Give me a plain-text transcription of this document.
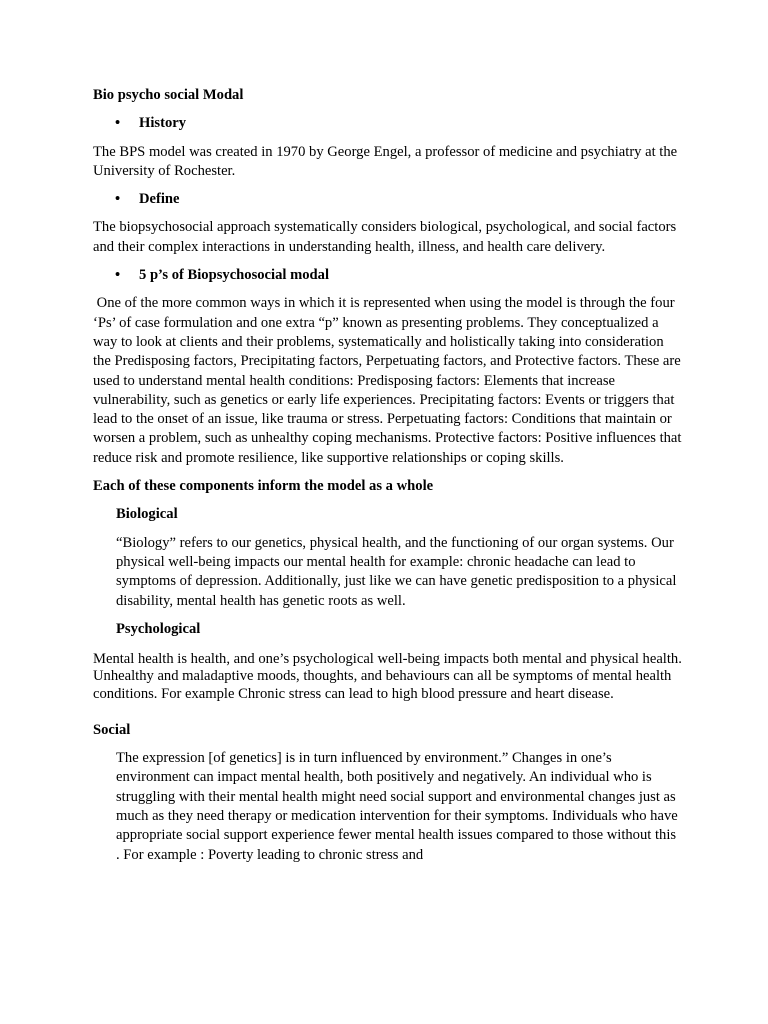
Bio psycho social Modal

• History

The BPS model was created in 1970 by George Engel, a professor of medicine and psychiatry at the University of Rochester.

• Define

The biopsychosocial approach systematically considers biological, psychological, and social factors and their complex interactions in understanding health, illness, and health care delivery.

• 5 p’s of Biopsychosocial modal

One of the more common ways in which it is represented when using the model is through the four ‘Ps’ of case formulation and one extra “p” known as presenting problems. They conceptualized a way to look at clients and their problems, systematically and holistically taking into consideration the Predisposing factors, Precipitating factors, Perpetuating factors, and Protective factors. These are used to understand mental health conditions: Predisposing factors: Elements that increase vulnerability, such as genetics or early life experiences. Precipitating factors: Events or triggers that lead to the onset of an issue, like trauma or stress. Perpetuating factors: Conditions that maintain or worsen a problem, such as unhealthy coping mechanisms. Protective factors: Positive influences that reduce risk and promote resilience, like supportive relationships or coping skills.

Each of these components inform the model as a whole

Biological

“Biology” refers to our genetics, physical health, and the functioning of our organ systems. Our physical well-being impacts our mental health for example: chronic headache can lead to symptoms of depression. Additionally, just like we can have genetic predisposition to a physical disability, mental health has genetic roots as well.

Psychological

Mental health is health, and one’s psychological well-being impacts both mental and physical health. Unhealthy and maladaptive moods, thoughts, and behaviours can all be symptoms of mental health conditions. For example Chronic stress can lead to high blood pressure and heart disease.

Social

The expression [of genetics] is in turn influenced by environment.” Changes in one’s environment can impact mental health, both positively and negatively. An individual who is struggling with their mental health might need social support and environmental changes just as much as they need therapy or medication intervention for their symptoms. Individuals who have appropriate social support experience fewer mental health issues compared to those without this . For example : Poverty leading to chronic stress and
